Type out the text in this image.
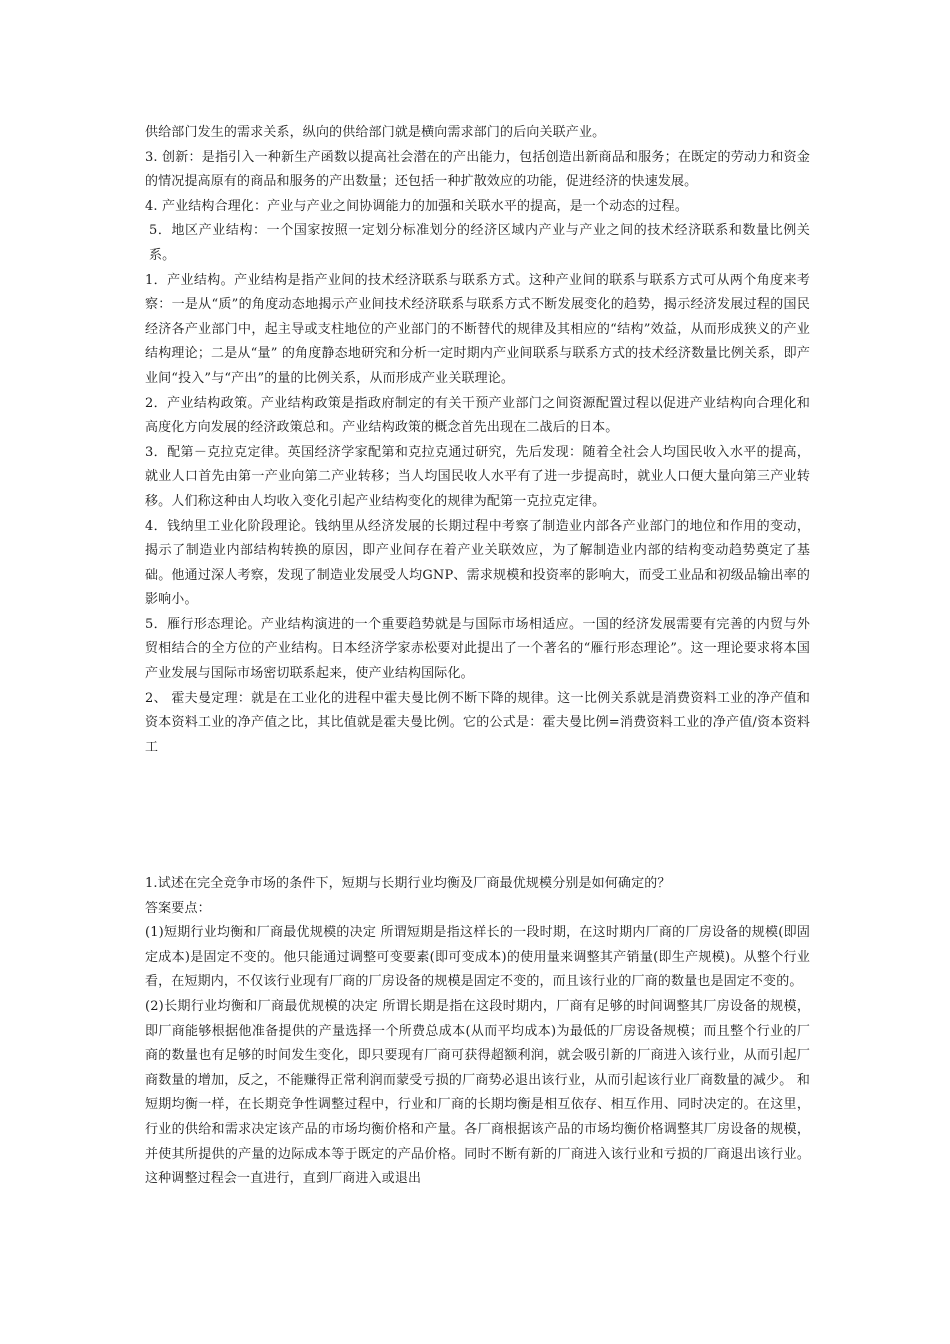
供给部门发生的需求关系，纵向的供给部门就是横向需求部门的后向关联产业。

3. 创新：是指引入一种新生产函数以提高社会潜在的产出能力，包括创造出新商品和服务；在既定的劳动力和资金的情况提高原有的商品和服务的产出数量；还包括一种扩散效应的功能，促进经济的快速发展。

4. 产业结构合理化：产业与产业之间协调能力的加强和关联水平的提高，是一个动态的过程。

5．地区产业结构：一个国家按照一定划分标准划分的经济区域内产业与产业之间的技术经济联系和数量比例关系。

1．产业结构。产业结构是指产业间的技术经济联系与联系方式。这种产业间的联系与联系方式可从两个角度来考察：一是从“质”的角度动态地揭示产业间技术经济联系与联系方式不断发展变化的趋势，揭示经济发展过程的国民经济各产业部门中，起主导或支柱地位的产业部门的不断替代的规律及其相应的“结构”效益，从而形成狭义的产业结构理论；二是从“量” 的角度静态地研究和分析一定时期内产业间联系与联系方式的技术经济数量比例关系，即产业间“投入”与“产出”的量的比例关系，从而形成产业关联理论。

2．产业结构政策。产业结构政策是指政府制定的有关干预产业部门之间资源配置过程以促进产业结构向合理化和高度化方向发展的经济政策总和。产业结构政策的概念首先出现在二战后的日本。

3．配第－克拉克定律。英国经济学家配第和克拉克通过研究，先后发现：随着全社会人均国民收入水平的提高，就业人口首先由第一产业向第二产业转移；当人均国民收人水平有了进一步提高时，就业人口便大量向第三产业转移。人们称这种由人均收入变化引起产业结构变化的规律为配第一克拉克定律。

4．钱纳里工业化阶段理论。钱纳里从经济发展的长期过程中考察了制造业内部各产业部门的地位和作用的变动，揭示了制造业内部结构转换的原因，即产业间存在着产业关联效应，为了解制造业内部的结构变动趋势奠定了基础。他通过深人考察，发现了制造业发展受人均GNP、需求规模和投资率的影响大，而受工业品和初级品输出率的影响小。

5．雁行形态理论。产业结构演进的一个重要趋势就是与国际市场相适应。一国的经济发展需要有完善的内贸与外贸相结合的全方位的产业结构。日本经济学家赤松要对此提出了一个著名的“雁行形态理论”。这一理论要求将本国产业发展与国际市场密切联系起来，使产业结构国际化。

2、 霍夫曼定理：就是在工业化的进程中霍夫曼比例不断下降的规律。这一比例关系就是消费资料工业的净产值和资本资料工业的净产值之比，其比值就是霍夫曼比例。它的公式是：霍夫曼比例=消费资料工业的净产值/资本资料工

1.试述在完全竞争市场的条件下，短期与长期行业均衡及厂商最优规模分别是如何确定的？

答案要点：

(1)短期行业均衡和厂商最优规模的决定 所谓短期是指这样长的一段时期，在这时期内厂商的厂房设备的规模(即固定成本)是固定不变的。他只能通过调整可变要素(即可变成本)的使用量来调整其产销量(即生产规模)。从整个行业看，在短期内，不仅该行业现有厂商的厂房设备的规模是固定不变的，而且该行业的厂商的数量也是固定不变的。

(2)长期行业均衡和厂商最优规模的决定 所谓长期是指在这段时期内，厂商有足够的时间调整其厂房设备的规模，即厂商能够根据他准备提供的产量选择一个所费总成本(从而平均成本)为最低的厂房设备规模；而且整个行业的厂商的数量也有足够的时间发生变化，即只要现有厂商可获得超额利润，就会吸引新的厂商进入该行业，从而引起厂商数量的增加，反之，不能赚得正常利润而蒙受亏损的厂商势必退出该行业，从而引起该行业厂商数量的减少。 和短期均衡一样，在长期竞争性调整过程中，行业和厂商的长期均衡是相互依存、相互作用、同时决定的。在这里，行业的供给和需求决定该产品的市场均衡价格和产量。各厂商根据该产品的市场均衡价格调整其厂房设备的规模，并使其所提供的产量的边际成本等于既定的产品价格。同时不断有新的厂商进入该行业和亏损的厂商退出该行业。这种调整过程会一直进行，直到厂商进入或退出
